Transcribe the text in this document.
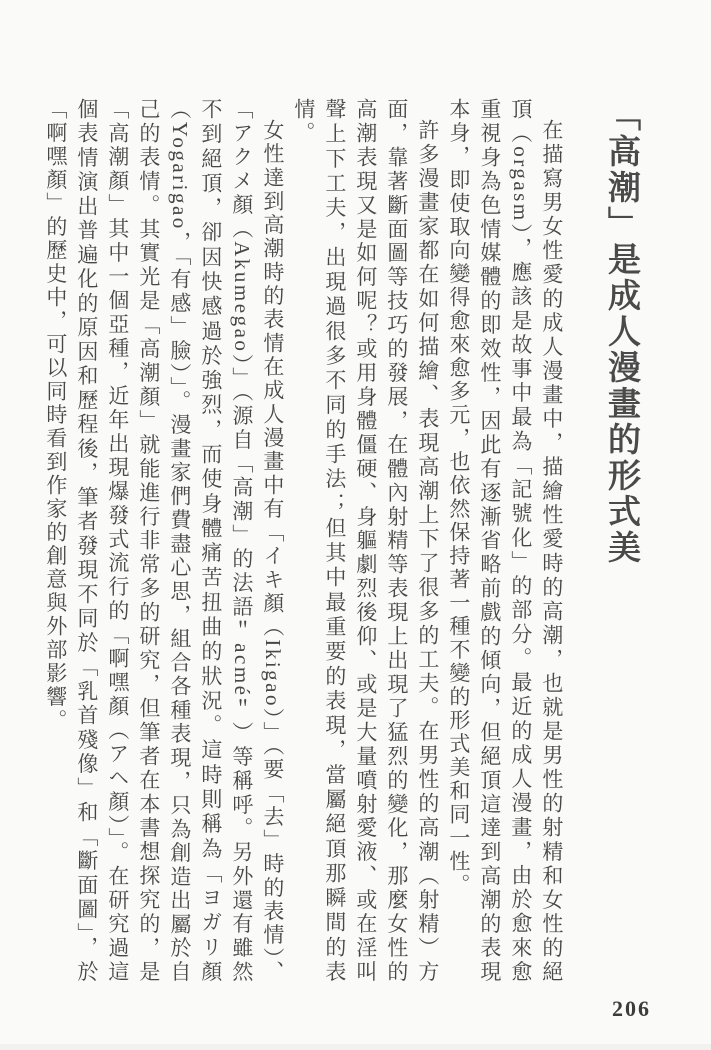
「高潮」是成人漫畫的形式美

在描寫男女性愛的成人漫畫中，描繪性愛時的高潮，也就是男性的射精和女性的絕頂（orgasm），應該是故事中最為「記號化」的部分。最近的成人漫畫，由於愈來愈重視身為色情媒體的即效性，因此有逐漸省略前戲的傾向，但絕頂這達到高潮的表現本身，即使取向變得愈來愈多元，也依然保持著一種不變的形式美和同一性。

許多漫畫家都在如何描繪、表現高潮上下了很多的工夫。在男性的高潮（射精）方面，靠著斷面圖等技巧的發展，在體內射精等表現上出現了猛烈的變化，那麼女性的高潮表現又是如何呢？或用身體僵硬、身軀劇烈後仰、或是大量噴射愛液、或在淫叫聲上下工夫，出現過很多不同的手法；但其中最重要的表現，當屬絕頂那瞬間的表情。

女性達到高潮時的表情在成人漫畫中有「イキ顏（Ikigao）」（要「去」時的表情）、「アクメ顏（Akumegao）」（源自「高潮」的法語＂acmé＂）等稱呼。另外還有雖然不到絕頂，卻因快感過於強烈，而使身體痛苦扭曲的狀況。這時則稱為「ヨガリ顏（Yogarigao，「有感」臉）」。漫畫家們費盡心思，組合各種表現，只為創造出屬於自己的表情。其實光是「高潮顏」就能進行非常多的研究，但筆者在本書想探究的，是「高潮顏」其中一個亞種，近年出現爆發式流行的「啊嘿顏（アヘ顏）」。在研究過這個表情演出普遍化的原因和歷程後，筆者發現不同於「乳首殘像」和「斷面圖」，於「啊嘿顏」的歷史中，可以同時看到作家的創意與外部影響。

206
